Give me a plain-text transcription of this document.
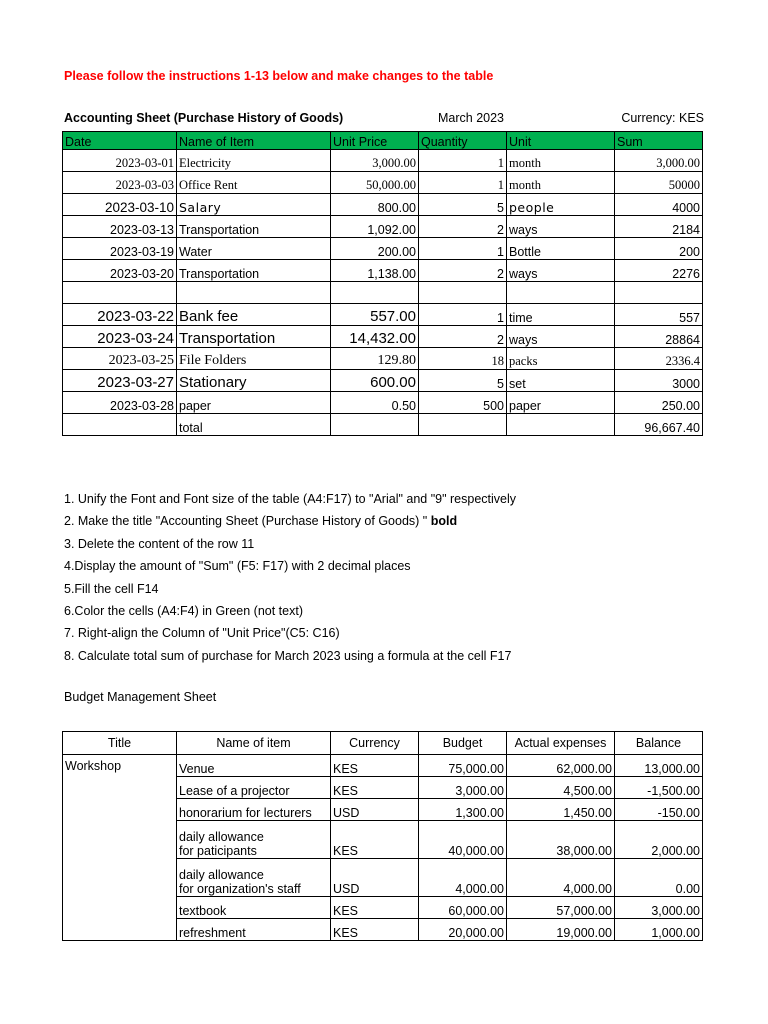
Please follow the instructions 1-13 below and make changes to the table
Accounting Sheet (Purchase History of Goods)	March 2023	Currency: KES
Date	Name of Item	Unit Price	Quantity	Unit	Sum
2023-03-01	Electricity	3,000.00	1	month	3,000.00
2023-03-03	Office Rent	50,000.00	1	month	50000
2023-03-10	Salary	800.00	5	people	4000
2023-03-13	Transportation	1,092.00	2	ways	2184
2023-03-19	Water	200.00	1	Bottle	200
2023-03-20	Transportation	1,138.00	2	ways	2276

2023-03-22	Bank fee	557.00	1	time	557
2023-03-24	Transportation	14,432.00	2	ways	28864
2023-03-25	File Folders	129.80	18	packs	2336.4
2023-03-27	Stationary	600.00	5	set	3000
2023-03-28	paper	0.50	500	paper	250.00
	total				96,667.40
1. Unify the Font and Font size of the table (A4:F17) to "Arial" and "9" respectively
2. Make the title "Accounting Sheet (Purchase History of Goods) " bold
3. Delete the content of the row 11
4.Display the amount of "Sum" (F5: F17) with 2 decimal places
5.Fill the cell F14
6.Color the cells (A4:F4) in Green (not text)
7. Right-align the Column of "Unit Price"(C5: C16)
8. Calculate total sum of purchase for March 2023 using a formula at the cell F17
Budget Management Sheet
Title	Name of item	Currency	Budget	Actual expenses	Balance
Workshop	Venue	KES	75,000.00	62,000.00	13,000.00
	Lease of a projector	KES	3,000.00	4,500.00	-1,500.00
	honorarium for lecturers	USD	1,300.00	1,450.00	-150.00

	daily allowance
for paticipants	KES	40,000.00	38,000.00	2,000.00

	daily allowance
for organization's staff	USD	4,000.00	4,000.00	0.00
	textbook	KES	60,000.00	57,000.00	3,000.00
	refreshment	KES	20,000.00	19,000.00	1,000.00
